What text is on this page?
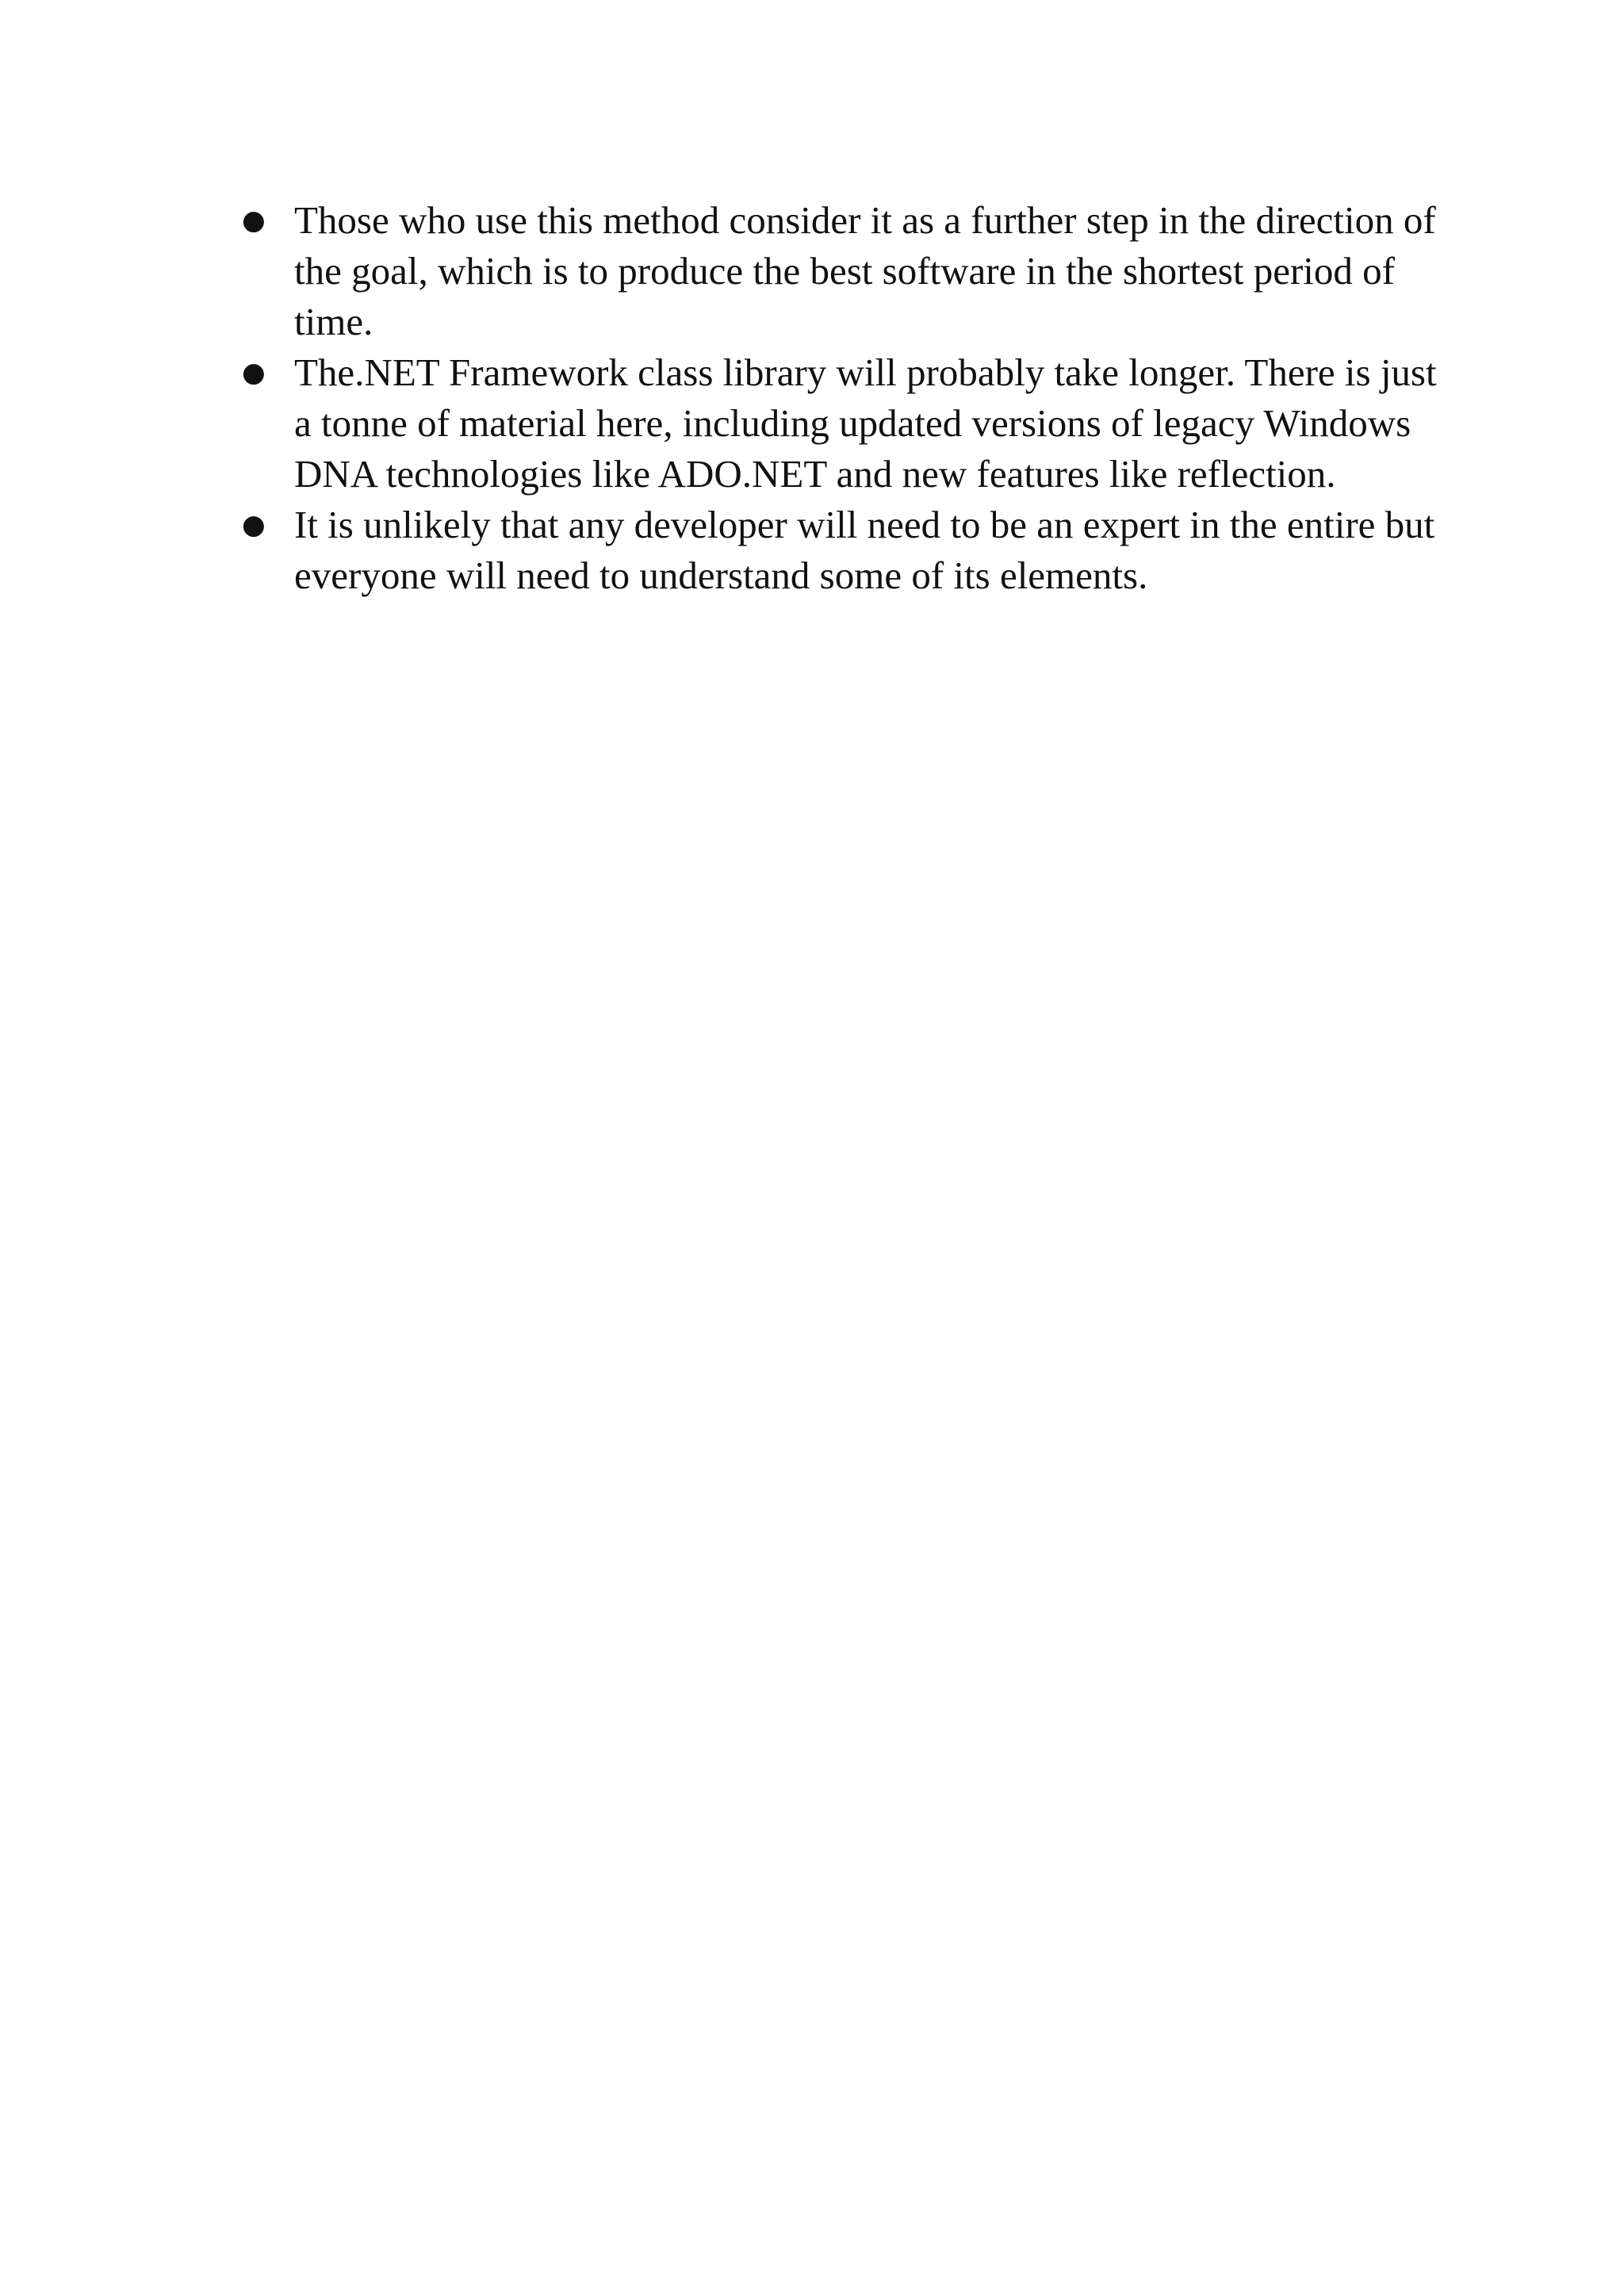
● Those who use this method consider it as a further step in the direction of the goal, which is to produce the best software in the shortest period of time.
● The.NET Framework class library will probably take longer. There is just a tonne of material here, including updated versions of legacy Windows DNA technologies like ADO.NET and new features like reflection.
● It is unlikely that any developer will need to be an expert in the entire but everyone will need to understand some of its elements.
